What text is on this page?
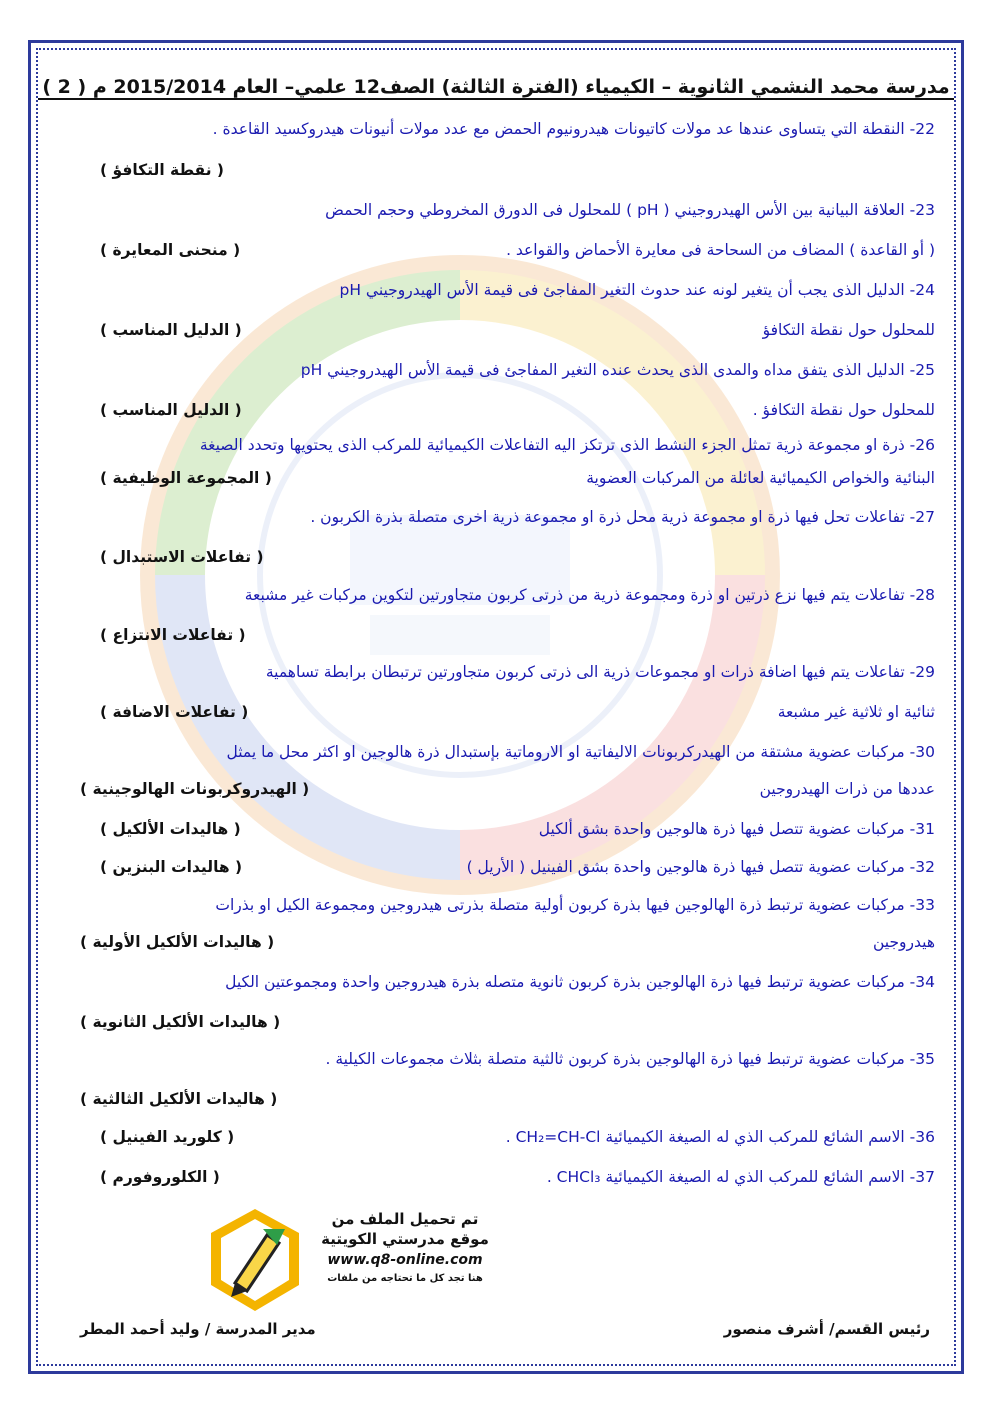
مدرسة محمد النشمي الثانوية – الكيمياء (الفترة الثالثة) الصف12 علمي– العام 2015/2014 م ( 2 )
22- النقطة التي يتساوى عندها عد مولات كاتيونات هيدرونيوم الحمض مع عدد مولات أنيونات هيدروكسيد القاعدة .
( نقطة التكافؤ )
23- العلاقة البيانية بين الأس الهيدروجيني ( pH ) للمحلول فى الدورق المخروطي وحجم الحمض
( أو القاعدة ) المضاف من السحاحة فى معايرة الأحماض والقواعد .
( منحنى المعايرة )
24- الدليل الذى يجب أن يتغير لونه عند حدوث التغير المفاجئ فى قيمة الأس الهيدروجيني pH
للمحلول حول نقطة التكافؤ
( الدليل المناسب )
25- الدليل الذى يتفق مداه والمدى الذى يحدث عنده التغير المفاجئ فى قيمة الأس الهيدروجيني pH
للمحلول حول نقطة التكافؤ .
( الدليل المناسب )
26- ذرة او مجموعة ذرية تمثل الجزء النشط الذى ترتكز اليه التفاعلات الكيميائية للمركب الذى يحتويها وتحدد الصيغة
البنائية والخواص الكيميائية لعائلة من المركبات العضوية
( المجموعة الوظيفية )
27- تفاعلات تحل فيها ذرة او مجموعة ذرية محل ذرة او مجموعة ذرية اخرى متصلة بذرة الكربون .
( تفاعلات الاستبدال )
28- تفاعلات يتم فيها نزع ذرتين او ذرة ومجموعة ذرية من ذرتى كربون متجاورتين لتكوين مركبات غير مشبعة
( تفاعلات الانتزاع )
29- تفاعلات يتم فيها اضافة ذرات او مجموعات ذرية الى ذرتى كربون متجاورتين ترتبطان برابطة تساهمية
ثنائية او ثلاثية غير مشبعة
( تفاعلات الاضافة )
30- مركبات عضوية مشتقة من الهيدركربونات الاليفاتية او الاروماتية بإستبدال ذرة هالوجين او اكثر محل ما يمثل
عددها من ذرات الهيدروجين
( الهيدروكربونات الهالوجينية )
31- مركبات عضوية تتصل فيها ذرة هالوجين واحدة بشق ألكيل
( هاليدات الألكيل )
32- مركبات عضوية تتصل فيها ذرة هالوجين واحدة بشق الفينيل ( الأريل )
( هاليدات البنزين )
33- مركبات عضوية ترتبط ذرة الهالوجين فيها بذرة كربون أولية متصلة بذرتى هيدروجين ومجموعة الكيل او بذرات
هيدروجين
( هاليدات الألكيل الأولية )
34- مركبات عضوية ترتبط فيها ذرة الهالوجين بذرة كربون ثانوية متصله بذرة هيدروجين واحدة ومجموعتين الكيل
( هاليدات الألكيل الثانوية )
35- مركبات عضوية ترتبط فيها ذرة الهالوجين بذرة كربون ثالثية متصلة بثلاث مجموعات الكيلية .
( هاليدات الألكيل الثالثية )
36- الاسم الشائع للمركب الذي له الصيغة الكيميائية CH₂=CH-Cl .
( كلوريد الفينيل )
37- الاسم الشائع للمركب الذي له الصيغة الكيميائية CHCl₃ .
( الكلوروفورم )
تم تحميل الملف من
موقع مدرستي الكويتية
www.q8-online.com
هنا تجد كل ما تحتاجه من ملفات
مدير المدرسة / وليد أحمد المطر	رئيس القسم/ أشرف منصور
